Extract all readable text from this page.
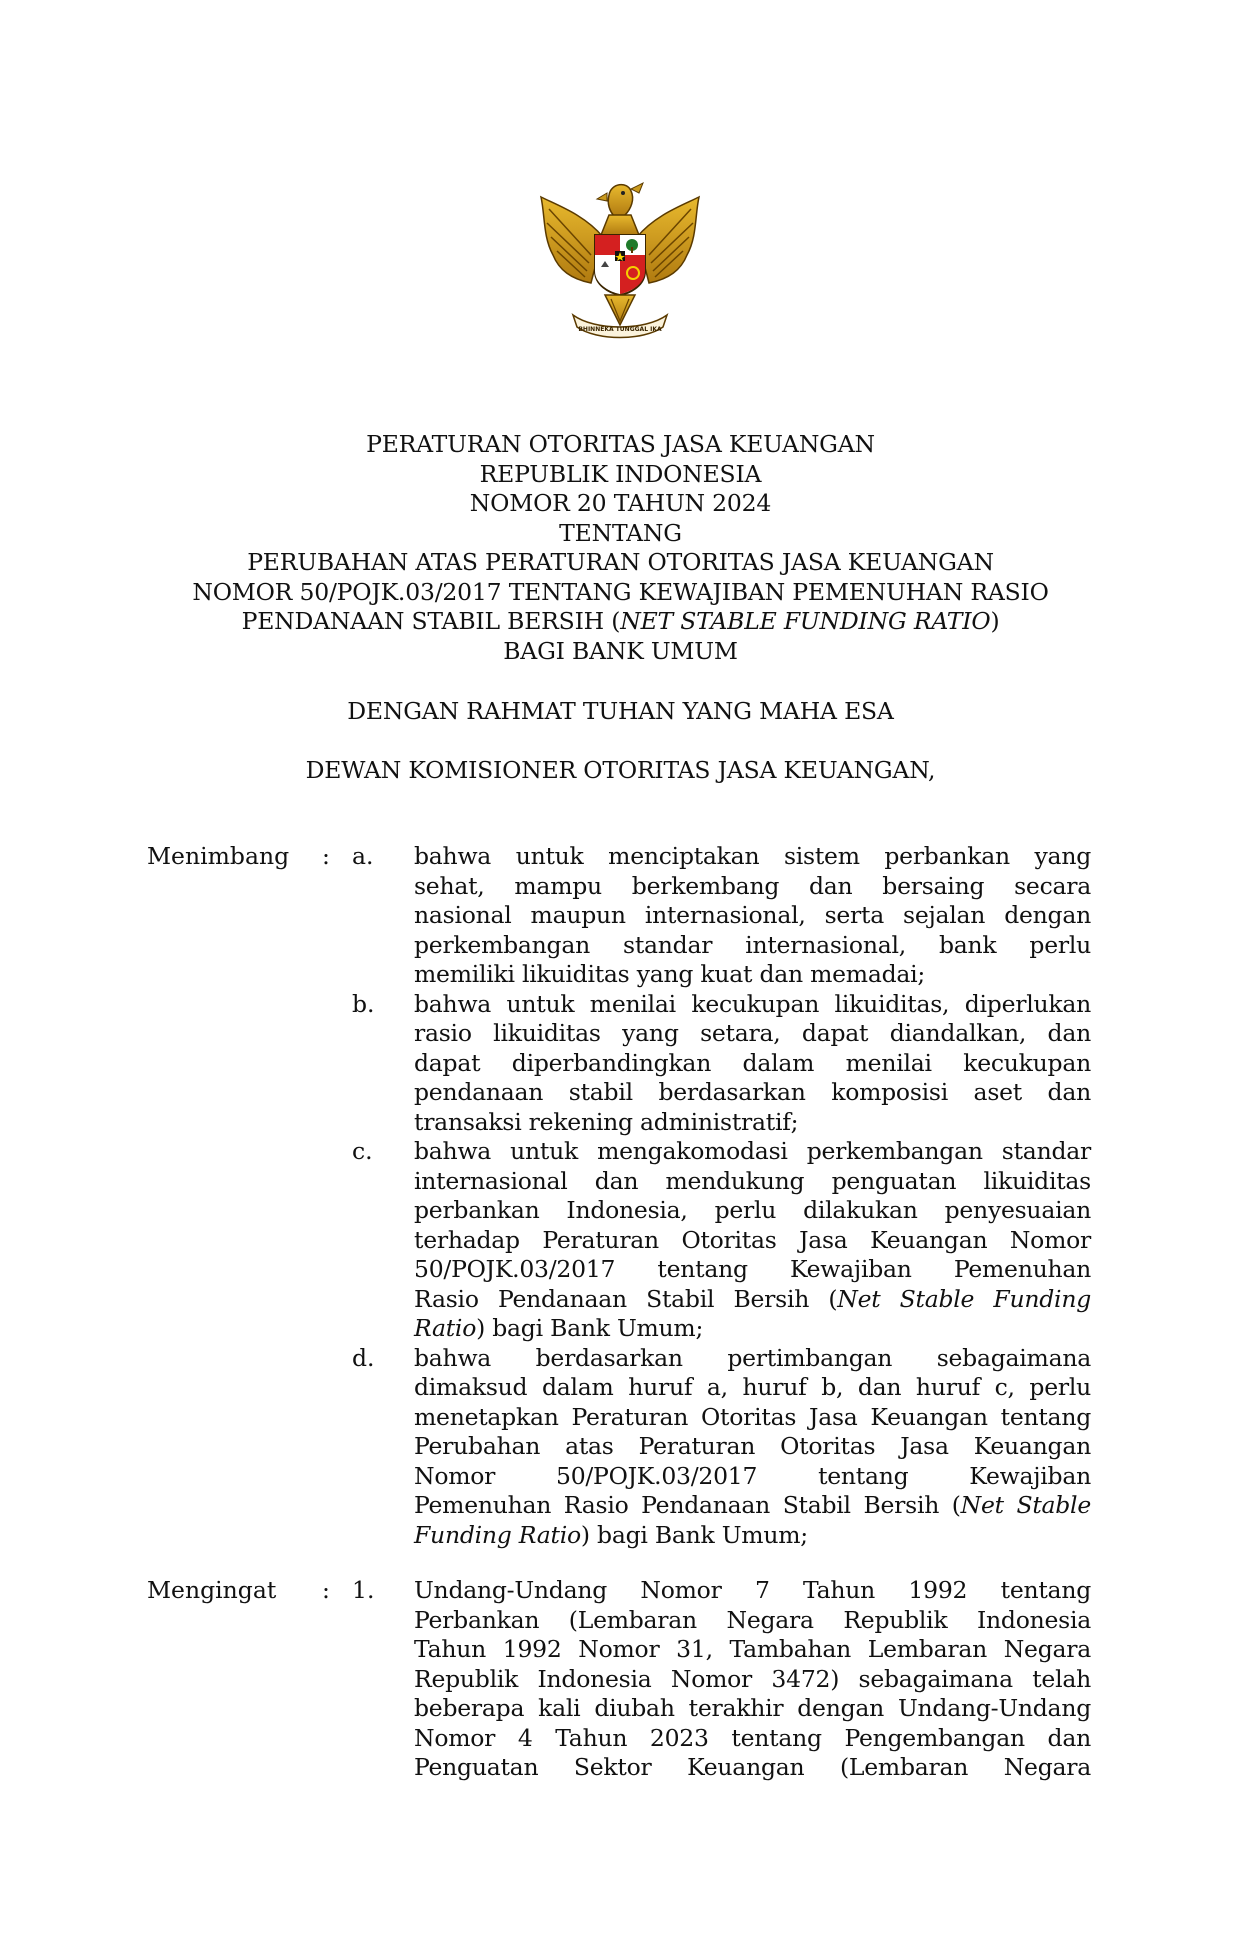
BHINNEKA TUNGGAL IKA
PERATURAN OTORITAS JASA KEUANGAN
REPUBLIK INDONESIA
NOMOR 20 TAHUN 2024
TENTANG
PERUBAHAN ATAS PERATURAN OTORITAS JASA KEUANGAN
NOMOR 50/POJK.03/2017 TENTANG KEWAJIBAN PEMENUHAN RASIO
PENDANAAN STABIL BERSIH (NET STABLE FUNDING RATIO)
BAGI BANK UMUM
DENGAN RAHMAT TUHAN YANG MAHA ESA
DEWAN KOMISIONER OTORITAS JASA KEUANGAN,
Menimbang : a. bahwa untuk menciptakan sistem perbankan yang
sehat, mampu berkembang dan bersaing secara
nasional maupun internasional, serta sejalan dengan
perkembangan standar internasional, bank perlu
memiliki likuiditas yang kuat dan memadai;
b. bahwa untuk menilai kecukupan likuiditas, diperlukan
rasio likuiditas yang setara, dapat diandalkan, dan
dapat diperbandingkan dalam menilai kecukupan
pendanaan stabil berdasarkan komposisi aset dan
transaksi rekening administratif;
c. bahwa untuk mengakomodasi perkembangan standar
internasional dan mendukung penguatan likuiditas
perbankan Indonesia, perlu dilakukan penyesuaian
terhadap Peraturan Otoritas Jasa Keuangan Nomor
50/POJK.03/2017 tentang Kewajiban Pemenuhan
Rasio Pendanaan Stabil Bersih (Net Stable Funding
Ratio) bagi Bank Umum;
d. bahwa berdasarkan pertimbangan sebagaimana
dimaksud dalam huruf a, huruf b, dan huruf c, perlu
menetapkan Peraturan Otoritas Jasa Keuangan tentang
Perubahan atas Peraturan Otoritas Jasa Keuangan
Nomor 50/POJK.03/2017 tentang Kewajiban
Pemenuhan Rasio Pendanaan Stabil Bersih (Net Stable
Funding Ratio) bagi Bank Umum;
Mengingat : 1. Undang-Undang Nomor 7 Tahun 1992 tentang
Perbankan (Lembaran Negara Republik Indonesia
Tahun 1992 Nomor 31, Tambahan Lembaran Negara
Republik Indonesia Nomor 3472) sebagaimana telah
beberapa kali diubah terakhir dengan Undang-Undang
Nomor 4 Tahun 2023 tentang Pengembangan dan
Penguatan Sektor Keuangan (Lembaran Negara
